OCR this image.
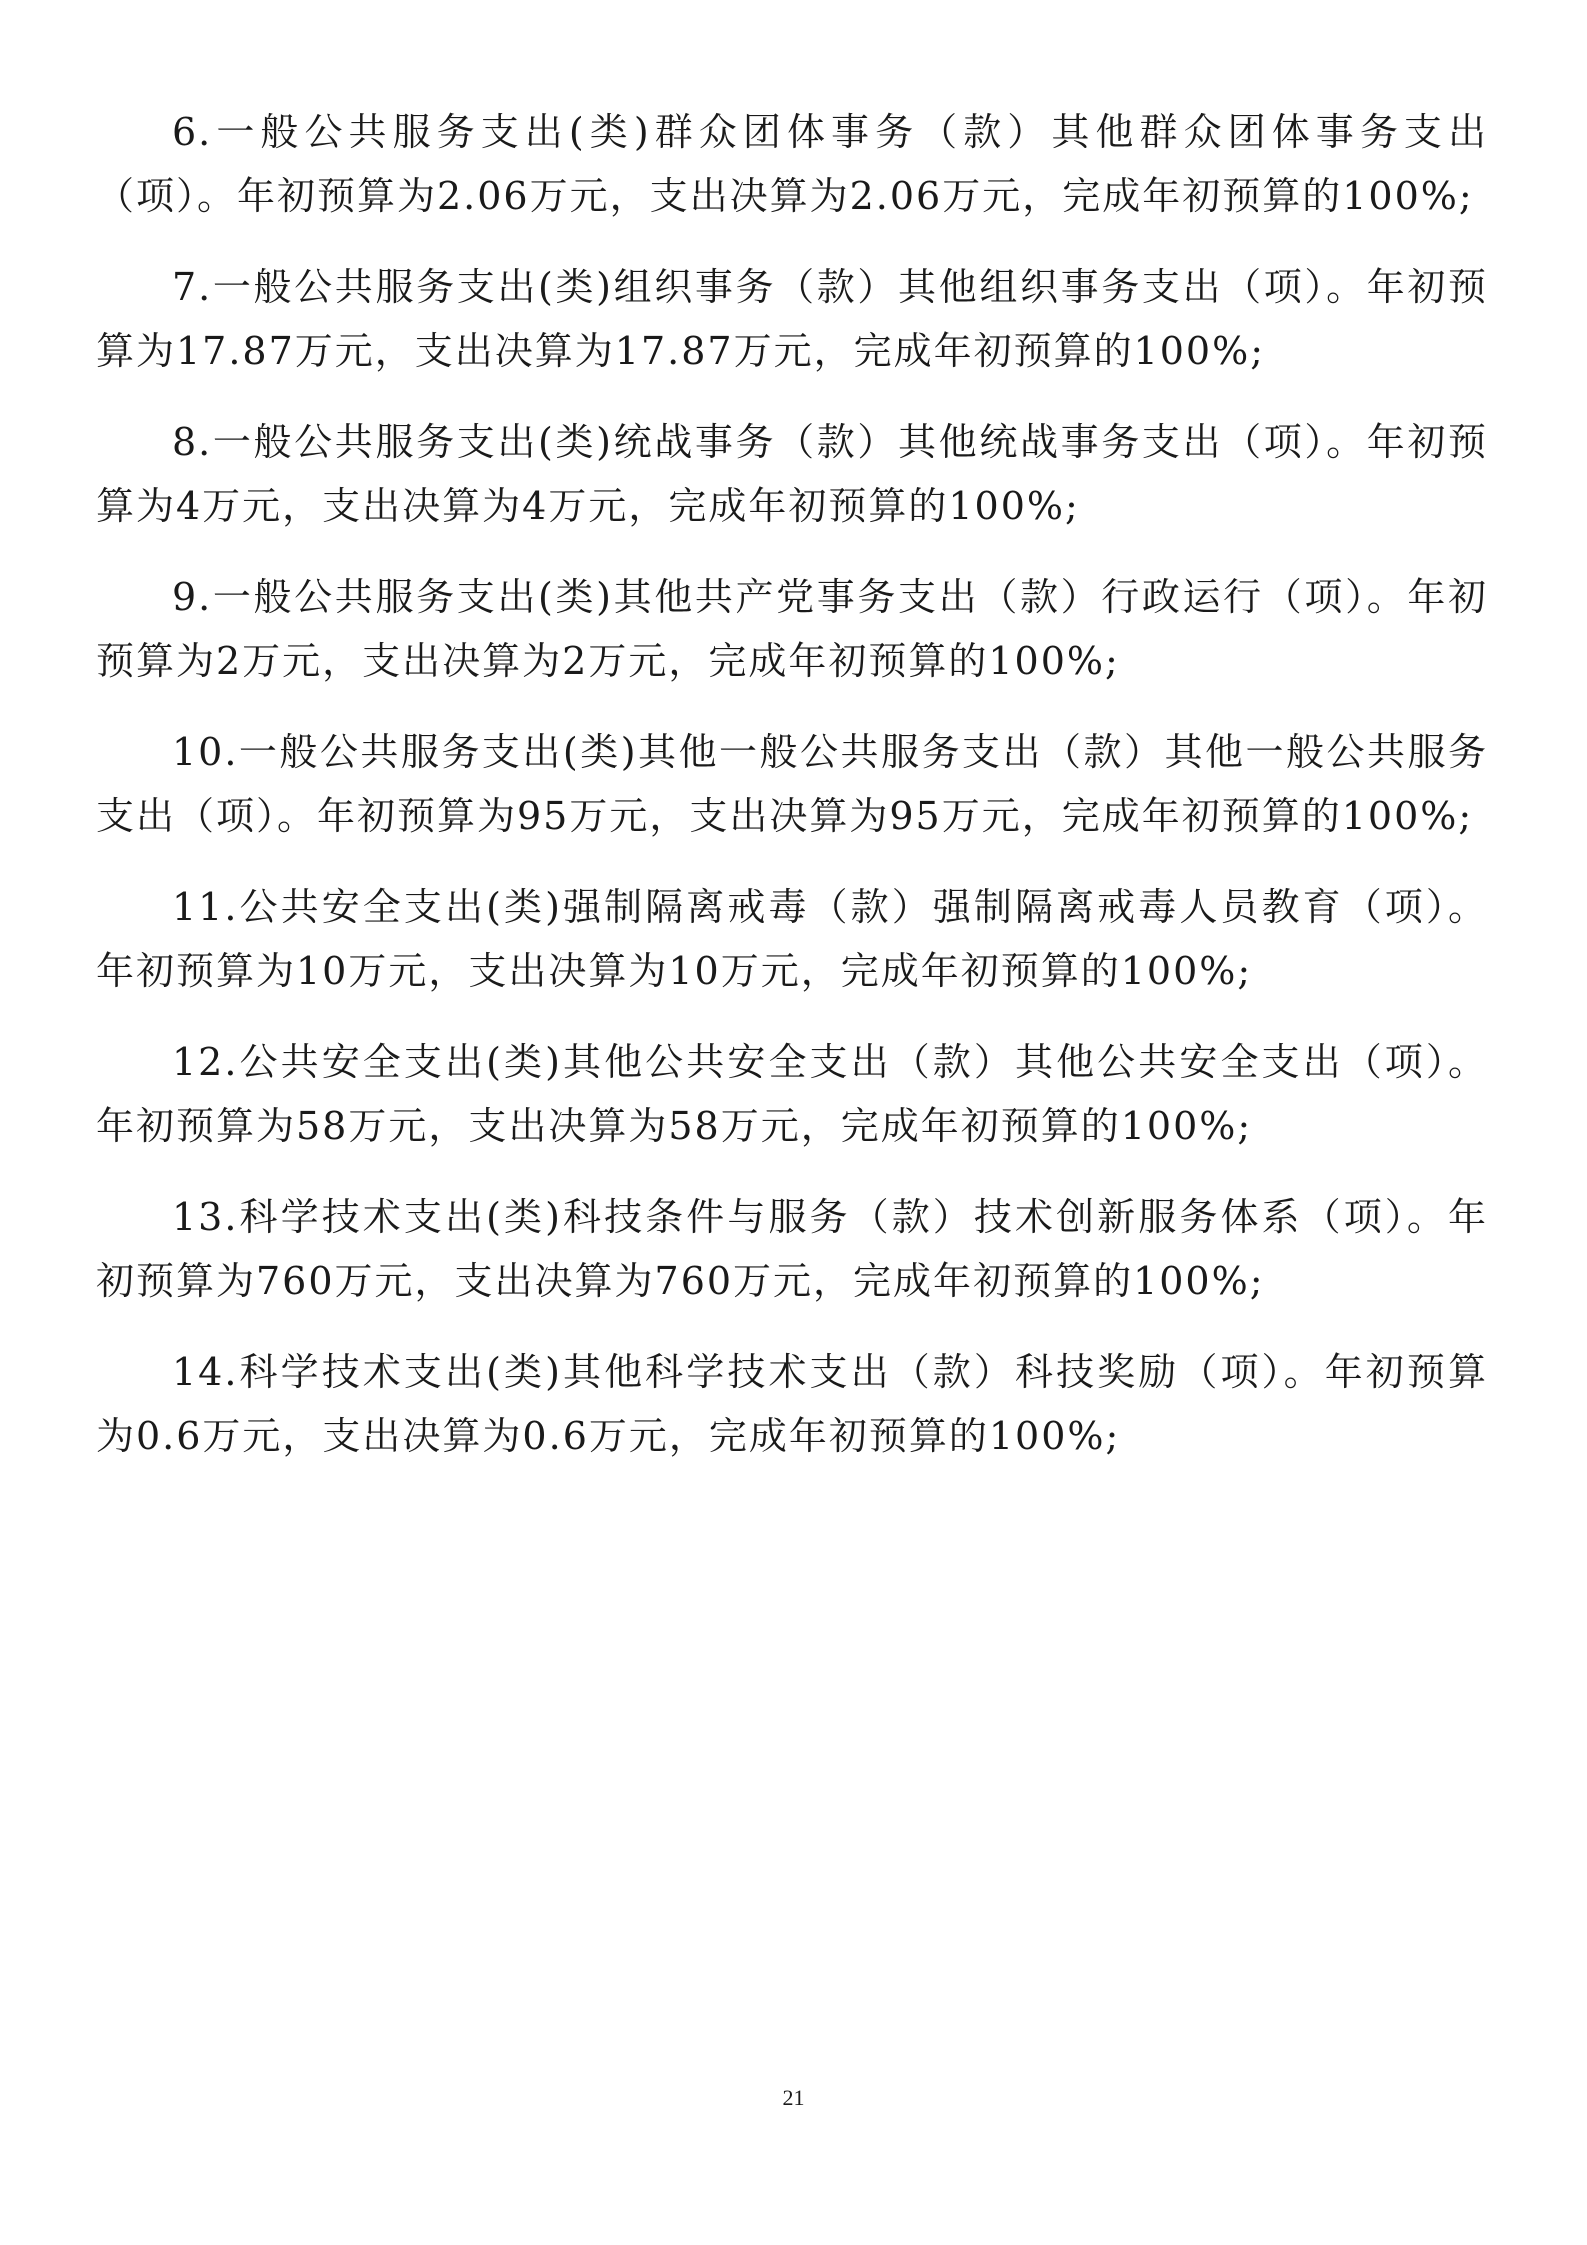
6.一般公共服务支出(类)群众团体事务（款）其他群众团体事务支出（项）。年初预算为2.06万元，支出决算为2.06万元，完成年初预算的100%;

7.一般公共服务支出(类)组织事务（款）其他组织事务支出（项）。年初预算为17.87万元，支出决算为17.87万元，完成年初预算的100%;

8.一般公共服务支出(类)统战事务（款）其他统战事务支出（项）。年初预算为4万元，支出决算为4万元，完成年初预算的100%;

9.一般公共服务支出(类)其他共产党事务支出（款）行政运行（项）。年初预算为2万元，支出决算为2万元，完成年初预算的100%;

10.一般公共服务支出(类)其他一般公共服务支出（款）其他一般公共服务支出（项）。年初预算为95万元，支出决算为95万元，完成年初预算的100%;

11.公共安全支出(类)强制隔离戒毒（款）强制隔离戒毒人员教育（项）。年初预算为10万元，支出决算为10万元，完成年初预算的100%;

12.公共安全支出(类)其他公共安全支出（款）其他公共安全支出（项）。年初预算为58万元，支出决算为58万元，完成年初预算的100%;

13.科学技术支出(类)科技条件与服务（款）技术创新服务体系（项）。年初预算为760万元，支出决算为760万元，完成年初预算的100%;

14.科学技术支出(类)其他科学技术支出（款）科技奖励（项）。年初预算为0.6万元，支出决算为0.6万元，完成年初预算的100%;

21
